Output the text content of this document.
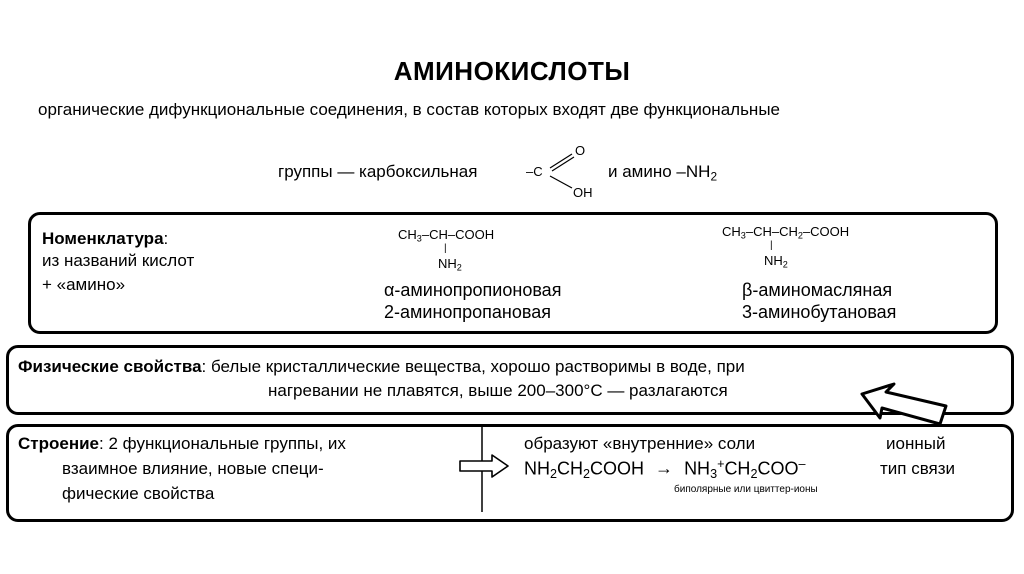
АМИНОКИСЛОТЫ
органические дифункциональные соединения, в состав которых входят две функциональные
группы — карбоксильная	–C
O
OH
и амино $-NH_2$
Номенклатура:
из названий кислот
+ «амино»
$CH_3-CH$–COOH
|
$NH_2$
α-аминопропионовая
2-аминопропановая
$CH_3-CH-CH_2$–COOH
|
$NH_2$
β-аминомасляная
3-аминобутановая
Физические свойства: белые кристаллические вещества, хорошо растворимы в воде, при
нагревании не плавятся, выше 200–300°С — разлагаются
Строение: 2 функциональные группы, их
взаимное влияние, новые специ-
фические свойства
образуют «внутренние» соли
$NH_2CH_2COOH \to NH_3^+CH_2COO^-$
биполярные или цвиттер-ионы
ионный
тип связи
